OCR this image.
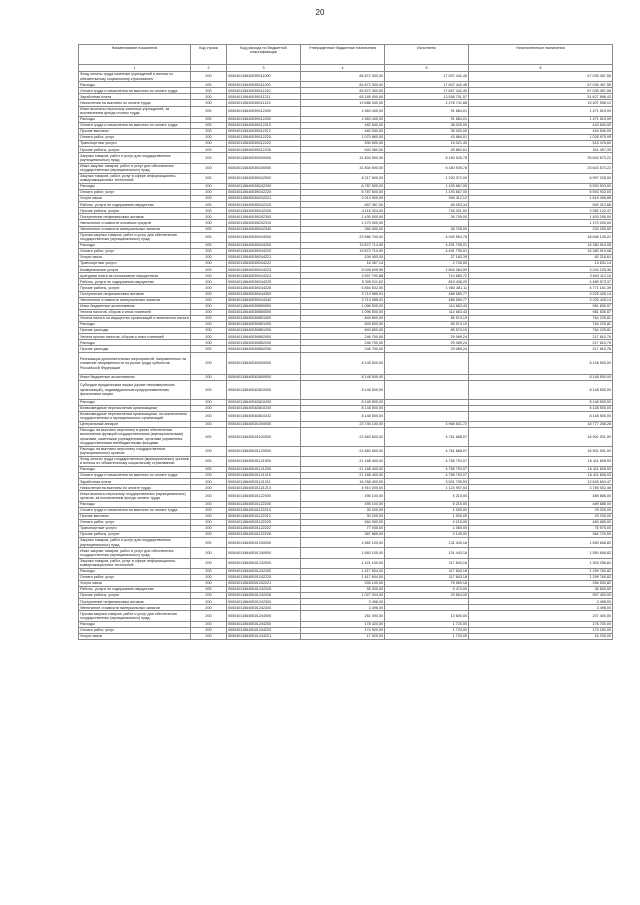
20
Наименование показателя	Код строки	Код расхода по бюджетной классификации	Утвержденные бюджетные назначения	Исполнено	Неисполненные назначения
1	2	3	4	5	6
Фонд оплаты труда казенных учреждений и взносы по обязательному социальному страхованию	200	000040115640Б59111000	84 872 300,00	17 837 442,45	67 035 457,55
Расходы	200	000040115640Б59111200	84 872 300,00	17 837 442,45	67 035 457,55
Оплата труда и начисления на выплаты по оплате труда	200	000040115640Б59111210	84 872 300,00	17 837 442,45	67 035 457,55
Заработная плата	200	000040115640Б59111211	65 185 900,00	13 558 701,57	51 627 898,43
Начисления на выплаты по оплате труда	200	000040115640Б59111213	19 686 340,00	4 278 741,88	15 407 598,12
Иные выплаты персоналу казенных учреждений, за исключением фонда оплаты труда	200	000040115640Б59112000	1 563 400,00	91 884,01	1 471 515,99
Расходы	200	000040115640Б59112200	1 563 400,00	91 884,01	1 471 515,99
Оплата труда и начисления на выплаты по оплате труда	200	000040115640Б59112210	482 540,00	38 000,00	444 540,00
Прочие выплаты	200	000040115640Б59112212	482 540,00	38 000,00	444 540,00
Оплата работ, услуг	200	000040115640Б59112220	1 070 860,00	43 884,01	1 026 975,99
Транспортные услуги	200	000040115640Б59112222	530 500,00	15 021,40	515 478,60
Прочие работы, услуги	200	000040115640Б59112226	540 360,00	28 862,61	511 497,39
Закупка товаров, работ и услуг для государственных (муниципальных) нужд	200	000040115640Б59200000	31 804 500,00	6 160 926,78	25 643 573,22
Иные закупки товаров, работ и услуг для обеспечения государственных (муниципальных) нужд	200	000040115640Б59240000	31 804 500,00	6 160 926,78	25 643 573,22
Закупка товаров, работ, услуг в сфере информационно-коммуникационных технологий	200	000040115640Б59242000	8 217 600,00	1 220 372,00	6 997 228,00
Расходы	200	000040115640Б59242200	6 787 600,00	1 193 667,00	5 593 933,00
Оплата работ, услуг	200	000040115640Б59242220	6 787 600,00	1 193 667,00	5 593 933,00
Услуги связи	200	000040115640Б59242221	2 013 909,00	394 412,12	1 619 496,88
Работы, услуги по содержанию имущества	200	000040115640Б59242225	657 367,00	65 053,34	592 313,66
Прочие работы, услуги	200	000040115640Б59242226	4 116 324,00	734 201,53	3 382 122,47
Поступление нефинансовых активов	200	000040115640Б59242300	1 430 000,00	26 705,00	1 403 295,00
Увеличение стоимости основных средств	200	000040115640Б59242310	1 170 000,00		1 170 000,00
Увеличение стоимости материальных запасов	200	000040115640Б59242340	260 000,00	26 705,00	233 295,00
Прочая закупка товаров, работ и услуг для обеспечения государственных (муниципальных) нужд	200	000040115640Б59244000	23 586 700,00	4 940 554,78	18 646 145,22
Расходы	200	000040115640Б59244200	19 872 714,09	4 491 795,01	15 380 919,08
Оплата работ, услуг	200	000040115640Б59244220	19 872 714,09	4 491 795,01	15 380 919,08
Услуги связи	200	000040115640Б59244221	109 400,00	27 183,39	82 216,61
Транспортные услуги	200	000040115640Б59244222	16 357,14	2 726,00	13 631,14
Коммунальные услуги	200	000040115640Б59244223	5 028 609,95	1 804 384,59	3 224 225,36
Арендная плата за пользование имуществом	200	000040115640Б59244224	3 557 792,88	714 680,72	2 843 112,16
Работы, услуги по содержанию имущества	200	000040115640Б59244225	5 309 011,62	819 438,25	4 489 573,37
Прочие работы, услуги	200	000040115640Б59244226	5 854 542,50	1 083 381,11	4 771 161,39
Поступление нефинансовых активов	200	000040115640Б59244300	3 713 985,91	488 559,77	3 225 426,14
Увеличение стоимости материальных запасов	200	000040115640Б59244340	3 713 985,91	488 559,77	3 225 426,14
Иные бюджетные ассигнования	200	000040115640Б59800000	1 096 500,00	114 663,43	981 836,57
Уплата налогов, сборов и иных платежей	200	000040115640Б59850000	1 096 500,00	114 663,43	981 836,57
Уплата налога на имущество организаций и земельного налога	200	000040115640Б59851000	849 800,00	85 574,19	764 225,81
Расходы	200	000040115640Б59851200	849 800,00	85 574,19	764 225,81
Прочие расходы	200	000040115640Б59851290	849 800,00	85 574,19	764 225,81
Уплата прочих налогов, сборов и иных платежей	200	000040115640Б59852000	246 700,00	29 089,24	217 610,76
Расходы	200	000040115640Б59852200	246 700,00	29 089,24	217 610,76
Прочие расходы	200	000040115640Б59852290	246 700,00	29 089,24	217 610,76
Реализация дополнительных мероприятий, направленных на снижение напряженности на рынке труда субъектов Российской Федерации	200	000040115640Б63000000	8 148 500,00		8 148 500,00
Иные бюджетные ассигнования	200	000040115640Б63800000	8 148 500,00		8 148 500,00
Субсидии юридическим лицам (кроме некоммерческих организаций), индивидуальным предпринимателям, физическим лицам	200	000040115640Б63810000	8 148 500,00		8 148 500,00
Расходы	200	000040115640Б63810200	8 148 500,00		8 148 500,00
Безвозмездные перечисления организациям	200	000040115640Б63810240	8 148 500,00		8 148 500,00
Безвозмездные перечисления организациям, за исключением государственных и муниципальных организаций	200	000040115640Б63810242	8 148 500,00		8 148 500,00
Центральный аппарат	200	000040115640Б01000000	23 746 100,00	4 968 831,72	18 777 268,28
Расходы на выплаты персоналу в целях обеспечения выполнения функций государственными (муниципальными) органами, казенными учреждениями, органами управления государственными внебюджетными фондами	200	000040115640Б01100000	21 663 600,00	4 761 668,07	16 901 931,93
Расходы на выплаты персоналу государственных (муниципальных) органов	200	000040115640Б01120000	21 663 600,00	4 761 668,07	16 901 931,93
Фонд оплаты труда государственных (муниципальных) органов и взносы по обязательному социальному страхованию	200	000040115640Б01121000	21 168 400,00	4 756 793,07	16 411 606,93
Расходы	200	000040115640Б01121200	21 168 400,00	4 756 793,07	16 411 606,93
Оплата труда и начисления на выплаты по оплате труда	200	000040115640Б01121210	21 168 400,00	4 756 793,07	16 411 606,93
Заработная плата	200	000040115640Б01121211	16 258 400,00	3 631 795,53	12 626 604,47
Начисления на выплаты по оплате труда	200	000040115640Б01121213	4 910 000,00	1 124 997,54	3 785 002,46
Иные выплаты персоналу государственных (муниципальных) органов, за исключением фонда оплаты труда	200	000040115640Б01122000	495 100,00	5 215,00	489 885,00
Расходы	200	000040115640Б01122200	495 100,00	5 215,00	489 885,00
Оплата труда и начисления на выплаты по оплате труда	200	000040115640Б01122210	30 200,00	1 000,00	29 200,00
Прочие выплаты	200	000040115640Б01122212	30 200,00	1 000,00	29 200,00
Оплата работ, услуг	200	000040115640Б01122220	464 900,00	4 215,00	460 685,00
Транспортные услуги	200	000040115640Б01122222	77 035,00	1 060,00	75 975,00
Прочие работы, услуги	200	000040115640Б01122226	387 865,00	3 145,00	384 720,00
Закупка товаров, работ и услуг для государственных (муниципальных) нужд	200	000040115640Б01200000	1 682 100,00	131 443,18	1 550 656,82
Иные закупки товаров, работ и услуг для обеспечения государственных (муниципальных) нужд	200	000040115640Б01240000	1 682 100,00	131 443,18	1 550 656,82
Закупка товаров, работ, услуг в сфере информационно-коммуникационных технологий	200	000040115640Б01242000	1 421 100,00	117 843,18	1 303 256,82
Расходы	200	000040115640Б01242200	1 417 604,00	117 843,18	1 299 760,82
Оплата работ, услуг	200	000040115640Б01242220	1 417 604,00	117 843,18	1 299 760,82
Услуги связи	200	000040115640Б01242221	335 100,00	78 569,18	256 530,82
Работы, услуги по содержанию имущества	200	000040115640Б01242225	55 300,00	9 470,00	45 830,00
Прочие работы, услуги	200	000040115640Б01242226	1 027 204,00	29 804,00	997 400,00
Поступление нефинансовых активов	200	000040115640Б01242300	3 496,00		3 496,00
Увеличение стоимости материальных запасов	200	000040115640Б01242340	3 496,00		3 496,00
Прочая закупка товаров, работ и услуг для обеспечения государственных (муниципальных) нужд	200	000040115640Б01244000	261 000,00	13 600,00	247 400,00
Расходы	200	000040115640Б01244200	178 420,00	1 720,00	176 700,00
Оплата работ, услуг	200	000040115640Б01244220	174 920,00	1 720,00	173 200,00
Услуги связи	200	000040115640Б01244221	17 920,00	1 720,00	16 200,00
